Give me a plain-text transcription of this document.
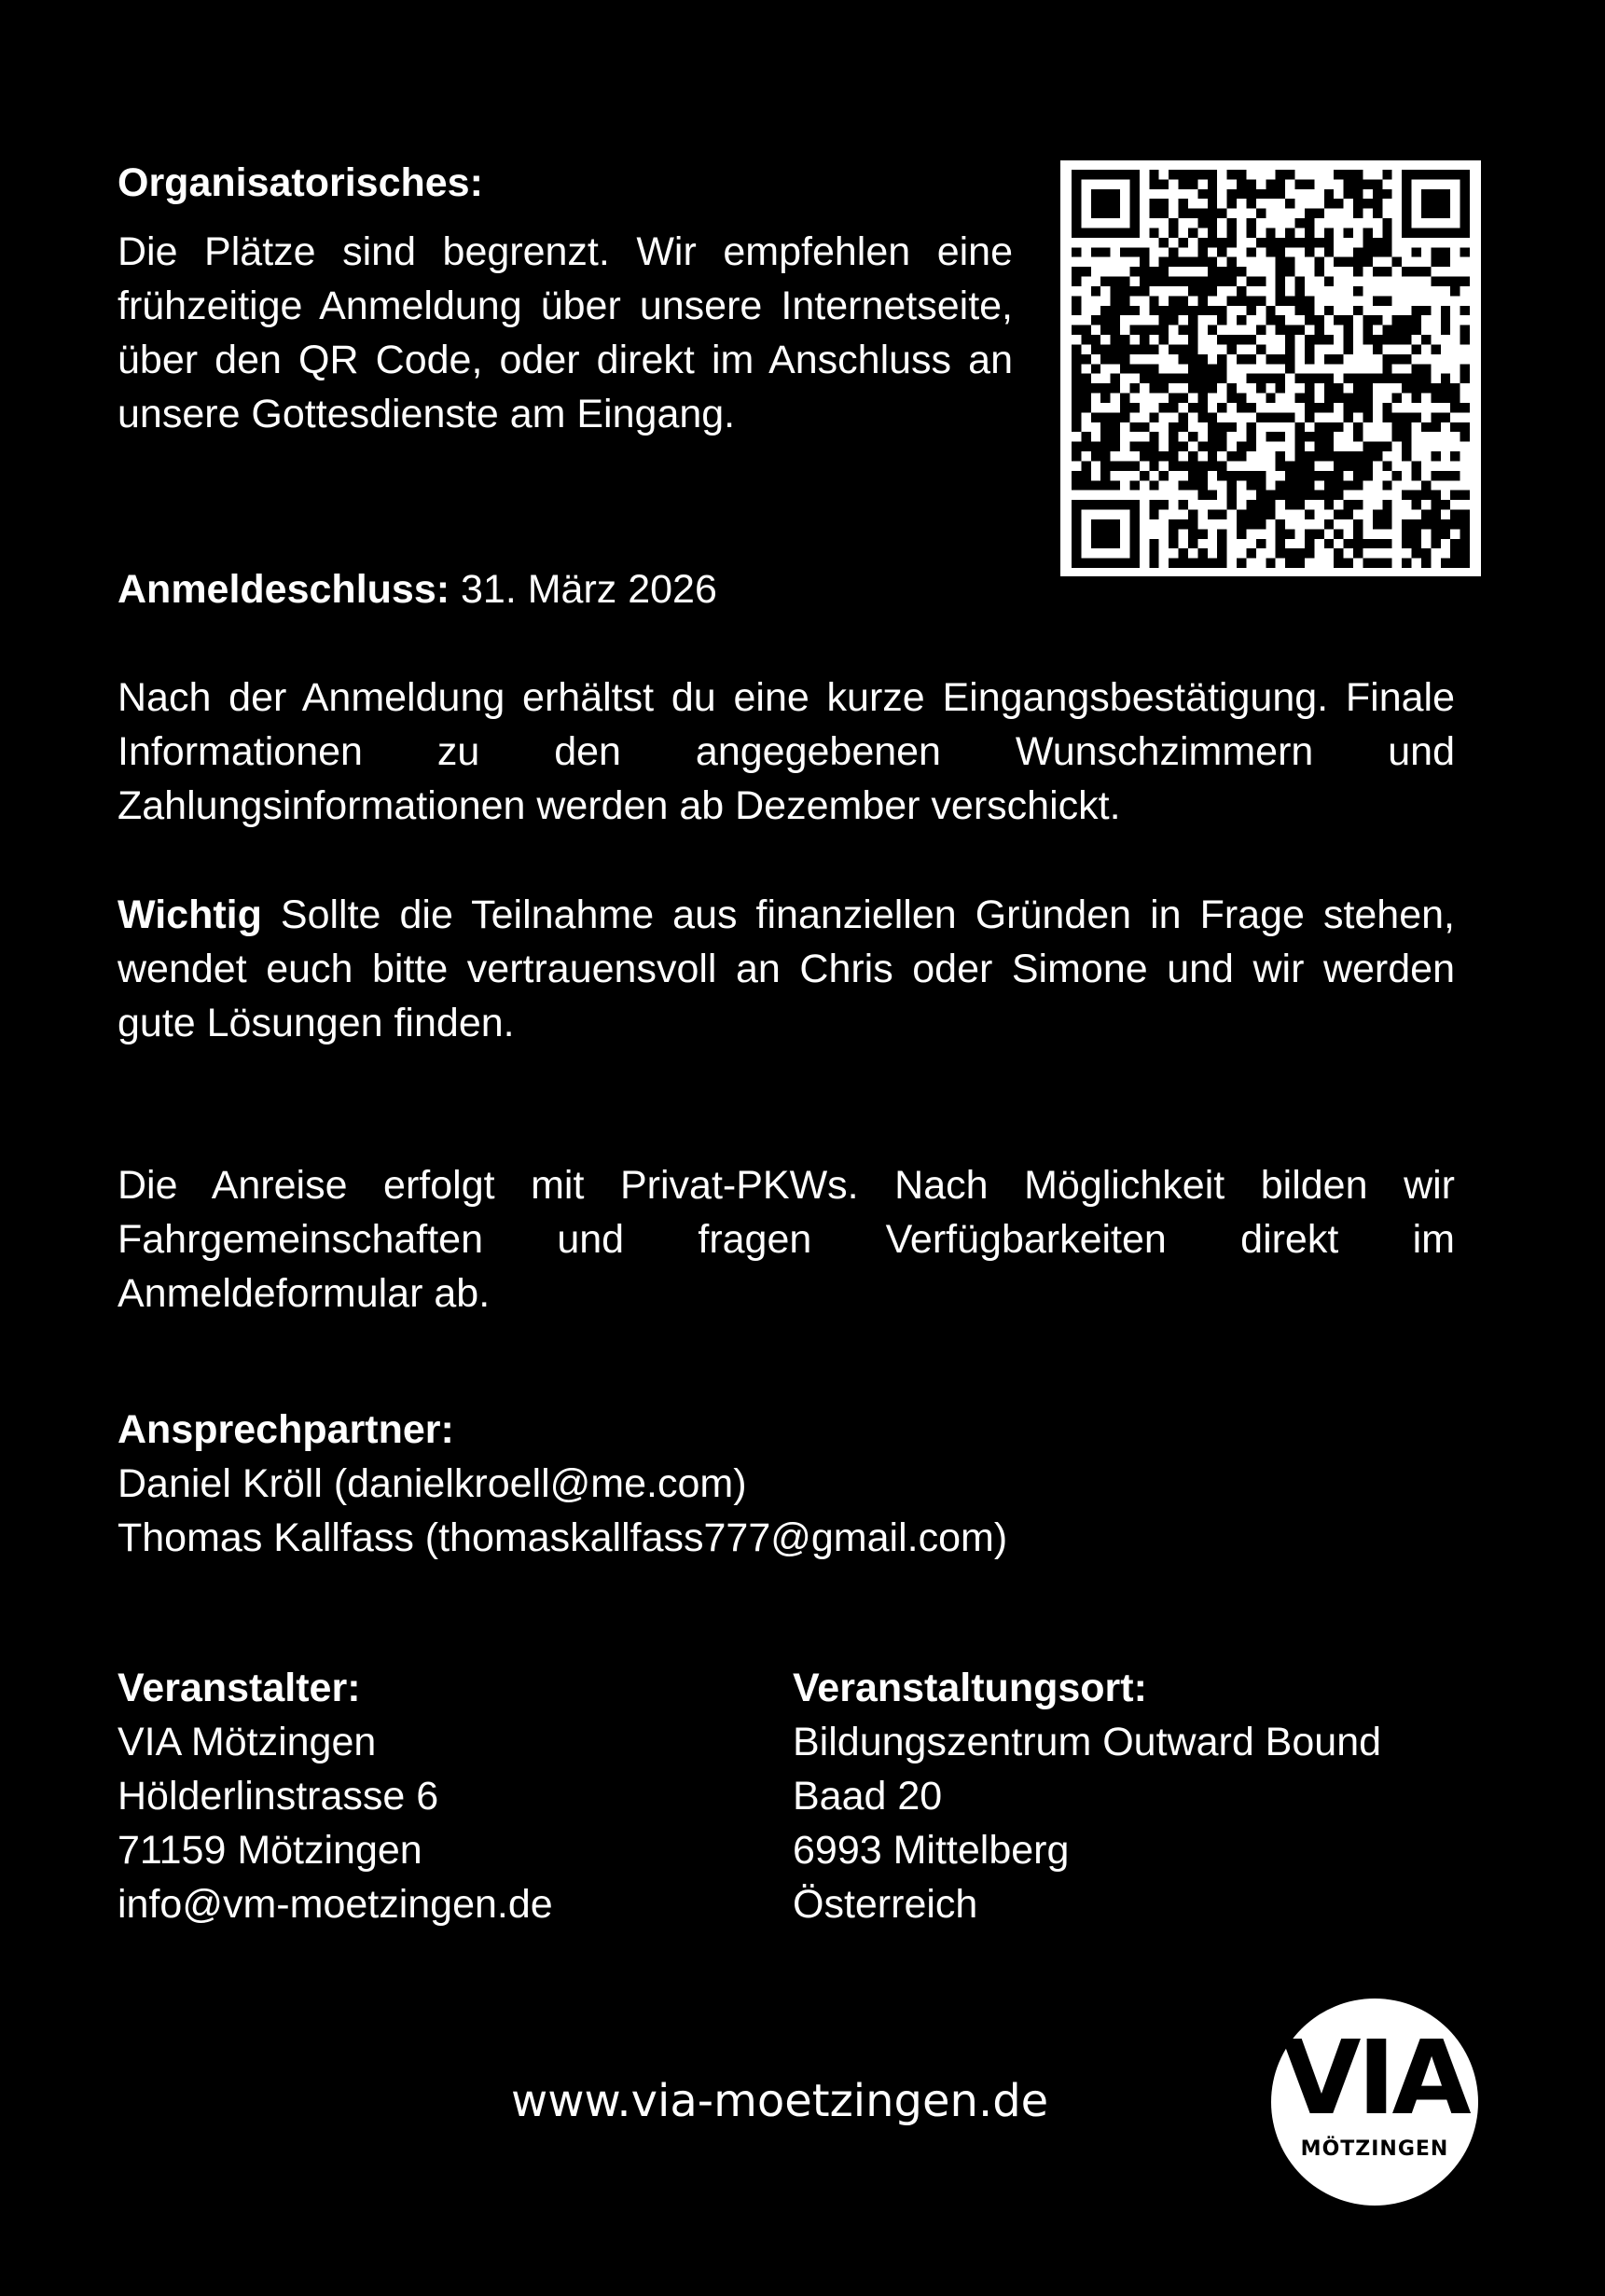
Organisatorisches:

Die Plätze sind begrenzt. Wir empfehlen eine frühzeitige Anmeldung über unsere Internetseite, über den QR Code, oder direkt im Anschluss an unsere Gottesdienste am Eingang.

Anmeldeschluss: 31. März 2026
Nach der Anmeldung erhältst du eine kurze Eingangsbestätigung. Finale Informationen zu den angegebenen Wunschzimmern und Zahlungsinformationen werden ab Dezember verschickt.
Wichtig Sollte die Teilnahme aus finanziellen Gründen in Frage stehen, wendet euch bitte vertrauensvoll an Chris oder Simone und wir werden gute Lösungen finden.
Die Anreise erfolgt mit Privat-PKWs. Nach Möglichkeit bilden wir Fahrgemeinschaften und fragen Verfügbarkeiten direkt im Anmeldeformular ab.
Ansprechpartner:
Daniel Kröll (danielkroell@me.com)
Thomas Kallfass (thomaskallfass777@gmail.com)
Veranstalter:
VIA Mötzingen
Hölderlinstrasse 6
71159 Mötzingen
info@vm-moetzingen.de
Veranstaltungsort:
Bildungszentrum Outward Bound
Baad 20
6993 Mittelberg
Österreich
www.via-moetzingen.de VIA
MÖTZINGEN
